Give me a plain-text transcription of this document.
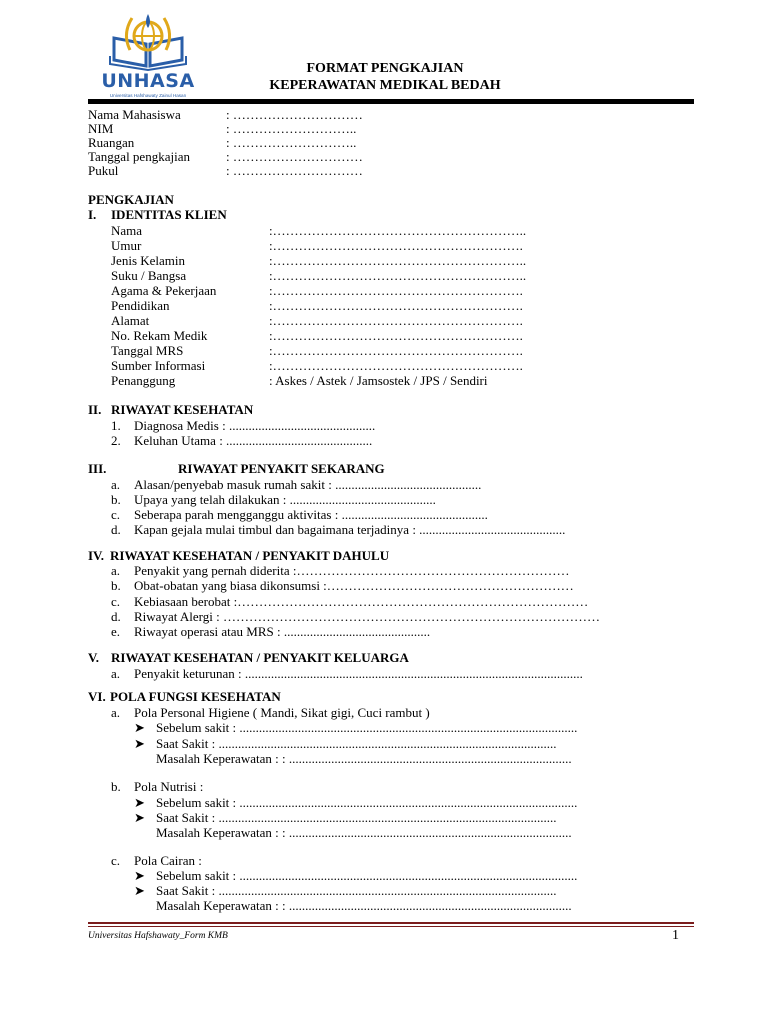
UNHASA
Universitas Hafshawaty Zainul Hasan
FORMAT PENGKAJIAN
KEPERAWATAN MEDIKAL BEDAH
Nama Mahasiswa	: …………………………
NIM	: ………………………..
Ruangan	: ………………………..
Tanggal pengkajian	: …………………………
Pukul	: …………………………
PENGKAJIAN
I. IDENTITAS KLIEN
Nama	:…………………………………………………..
Umur	:………………………………………………….
Jenis Kelamin	:…………………………………………………..
Suku / Bangsa	:…………………………………………………..
Agama & Pekerjaan	:………………………………………………….
Pendidikan	:………………………………………………….
Alamat	:………………………………………………….
No. Rekam Medik	:………………………………………………….
Tanggal MRS	:………………………………………………….
Sumber Informasi	:………………………………………………….
Penanggung	: Askes / Astek / Jamsostek / JPS / Sendiri
II. RIWAYAT KESEHATAN
1. Diagnosa Medis : .............................................
2. Keluhan Utama : .............................................
III.	RIWAYAT PENYAKIT SEKARANG
a. Alasan/penyebab masuk rumah sakit : .............................................
b. Upaya yang telah dilakukan : .............................................
c. Seberapa parah mengganggu aktivitas : .............................................
d. Kapan gejala mulai timbul dan bagaimana terjadinya : .............................................
IV. RIWAYAT KESEHATAN / PENYAKIT DAHULU
a. Penyakit yang pernah diderita :………………………………………………………
b. Obat-obatan yang biasa dikonsumsi :…………………………………………………
c. Kebiasaan berobat :………………………………………………………………………
d. Riwayat Alergi : ……………………………………………………………………………
e. Riwayat operasi atau MRS : .............................................
V. RIWAYAT KESEHATAN / PENYAKIT KELUARGA
a. Penyakit keturunan : ........................................................................................................
VI. POLA FUNGSI KESEHATAN
a. Pola Personal Higiene ( Mandi, Sikat gigi, Cuci rambut )
➤ Sebelum sakit : ........................................................................................................
➤ Saat Sakit : ........................................................................................................
Masalah Keperawatan : : .......................................................................................
b. Pola Nutrisi :
➤ Sebelum sakit : ........................................................................................................
➤ Saat Sakit : ........................................................................................................
Masalah Keperawatan : : .......................................................................................
c. Pola Cairan :
➤ Sebelum sakit : ........................................................................................................
➤ Saat Sakit : ........................................................................................................
Masalah Keperawatan : : .......................................................................................
Universitas Hafshawaty_Form KMB	1
